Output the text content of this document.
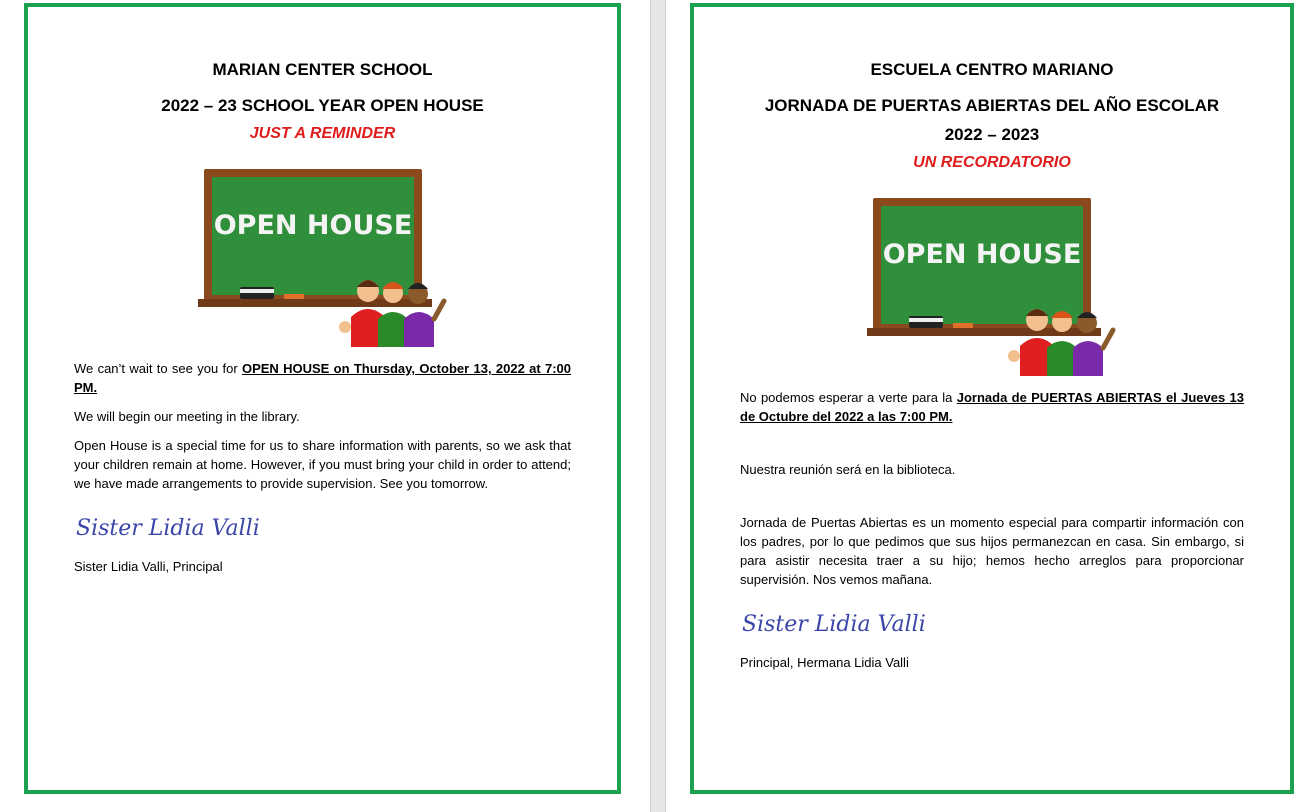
MARIAN CENTER SCHOOL
2022 – 23 SCHOOL YEAR OPEN HOUSE
JUST A REMINDER
OPEN HOUSE

We can’t wait to see you for OPEN HOUSE on Thursday, October 13, 2022 at 7:00 PM.

We will begin our meeting in the library.

Open House is a special time for us to share information with parents, so we ask that your children remain at home. However, if you must bring your child in order to attend; we have made arrangements to provide supervision. See you tomorrow.

Sister Lidia Valli

Sister Lidia Valli, Principal

ESCUELA CENTRO MARIANO
JORNADA DE PUERTAS ABIERTAS DEL AÑO ESCOLAR
2022 – 2023
UN RECORDATORIO
OPEN HOUSE

No podemos esperar a verte para la Jornada de PUERTAS ABIERTAS el Jueves 13 de Octubre del 2022 a las 7:00 PM.

Nuestra reunión será en la biblioteca.

Jornada de Puertas Abiertas es un momento especial para compartir información con los padres, por lo que pedimos que sus hijos permanezcan en casa. Sin embargo, si para asistir necesita traer a su hijo; hemos hecho arreglos para proporcionar supervisión. Nos vemos mañana.

Sister Lidia Valli

Principal, Hermana Lidia Valli
